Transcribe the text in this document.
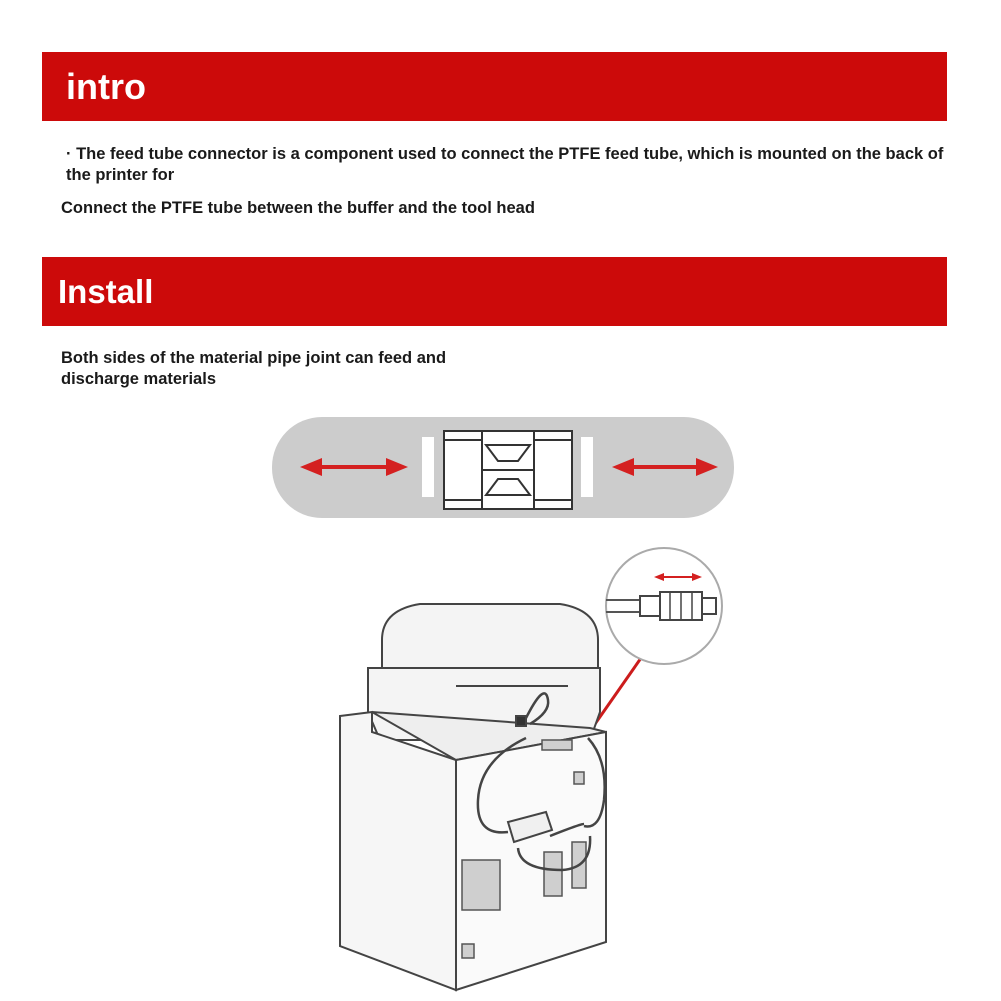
intro
· The feed tube connector is a component used to connect the PTFE feed tube, which is mounted on the back of the printer for
Connect the PTFE tube between the buffer and the tool head
Install
Both sides of the material pipe joint can feed and discharge materials
